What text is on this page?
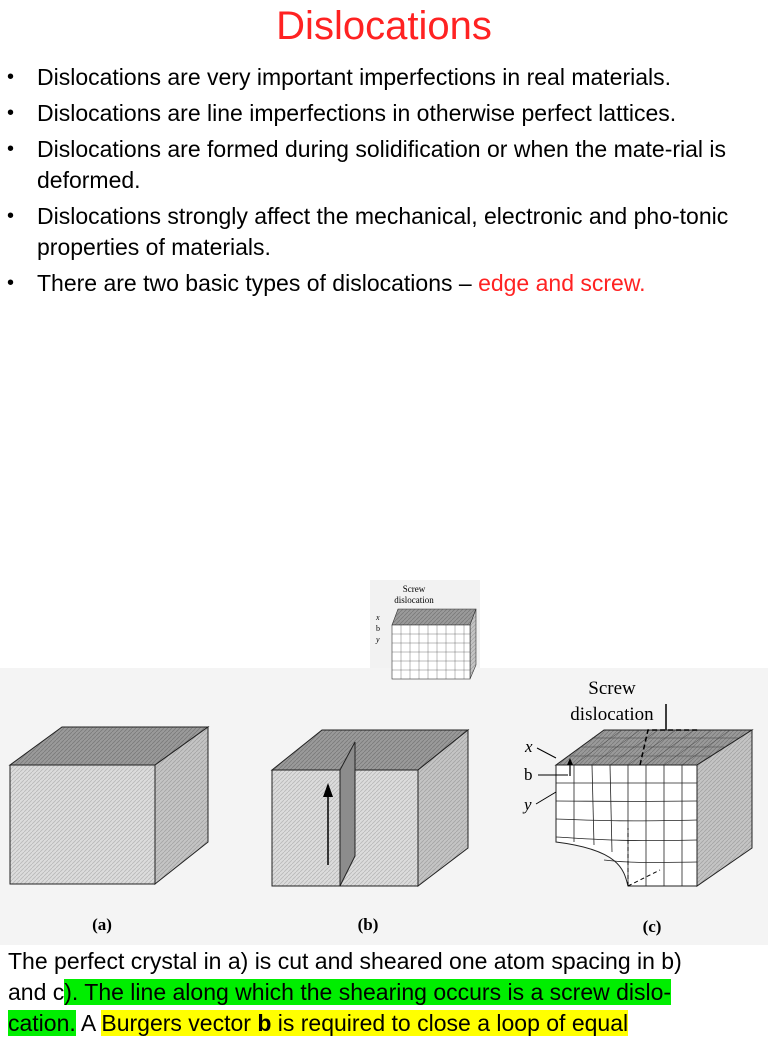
Dislocations
• Dislocations are very important imperfections in real materials.
• Dislocations are line imperfections in otherwise perfect lattices.
• Dislocations are formed during solidification or when the mate-rial is deformed.
• Dislocations strongly affect the mechanical, electronic and pho-tonic properties of materials.
• There are two basic types of dislocations – edge and screw.
Screw
dislocation
x
b
y
(a)	(b)
Screw
dislocation
x
b
y
(c)
The perfect crystal in a) is cut and sheared one atom spacing in b)
and c). The line along which the shearing occurs is a screw dislo-
cation. A Burgers vector b is required to close a loop of equal
